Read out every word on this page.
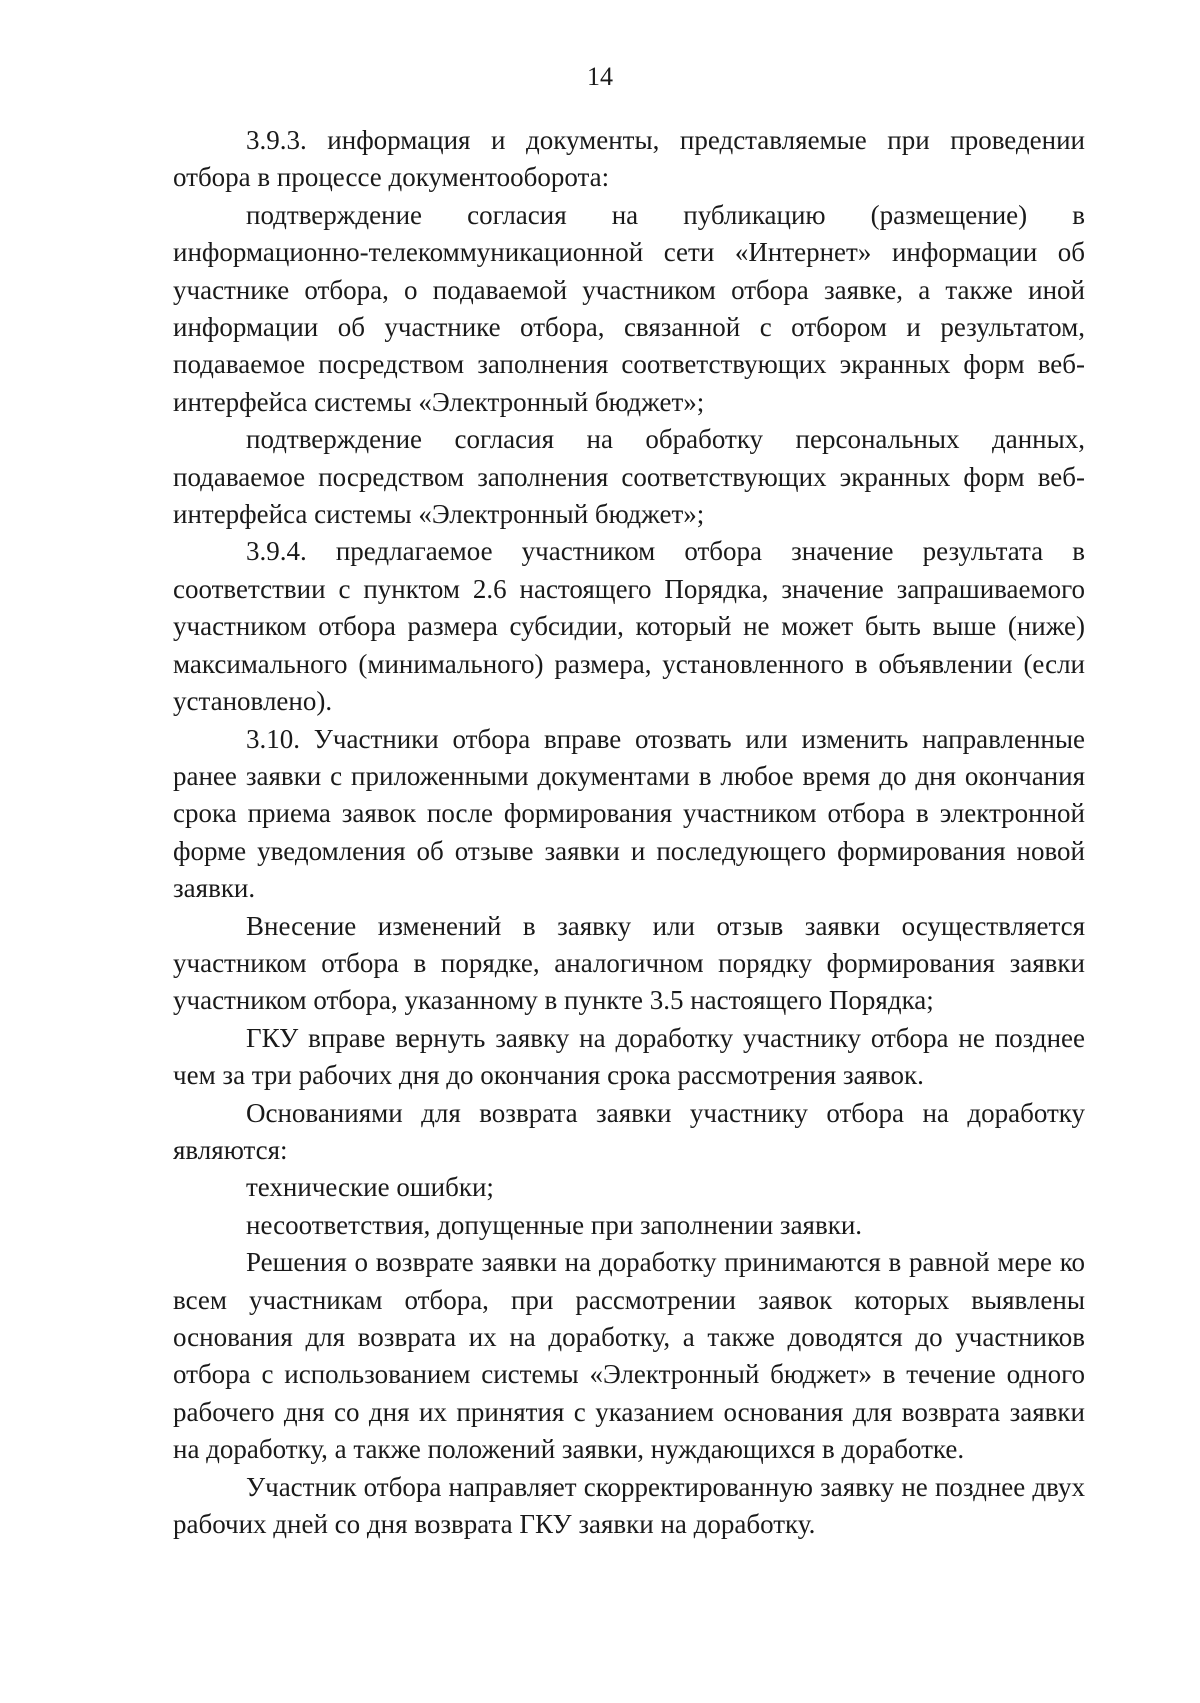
14

3.9.3. информация и документы, представляемые при проведении отбора в процессе документооборота:

подтверждение согласия на публикацию (размещение) в информационно-телекоммуникационной сети «Интернет» информации об участнике отбора, о подаваемой участником отбора заявке, а также иной информации об участнике отбора, связанной с отбором и результатом, подаваемое посредством заполнения соответствующих экранных форм веб-интерфейса системы «Электронный бюджет»;

подтверждение согласия на обработку персональных данных, подаваемое посредством заполнения соответствующих экранных форм веб-интерфейса системы «Электронный бюджет»;

3.9.4. предлагаемое участником отбора значение результата в соответствии с пунктом 2.6 настоящего Порядка, значение запрашиваемого участником отбора размера субсидии, который не может быть выше (ниже) максимального (минимального) размера, установленного в объявлении (если установлено).

3.10. Участники отбора вправе отозвать или изменить направленные ранее заявки с приложенными документами в любое время до дня окончания срока приема заявок после формирования участником отбора в электронной форме уведомления об отзыве заявки и последующего формирования новой заявки.

Внесение изменений в заявку или отзыв заявки осуществляется участником отбора в порядке, аналогичном порядку формирования заявки участником отбора, указанному в пункте 3.5 настоящего Порядка;

ГКУ вправе вернуть заявку на доработку участнику отбора не позднее чем за три рабочих дня до окончания срока рассмотрения заявок.

Основаниями для возврата заявки участнику отбора на доработку являются:

технические ошибки;

несоответствия, допущенные при заполнении заявки.

Решения о возврате заявки на доработку принимаются в равной мере ко всем участникам отбора, при рассмотрении заявок которых выявлены основания для возврата их на доработку, а также доводятся до участников отбора с использованием системы «Электронный бюджет» в течение одного рабочего дня со дня их принятия с указанием основания для возврата заявки на доработку, а также положений заявки, нуждающихся в доработке.

Участник отбора направляет скорректированную заявку не позднее двух рабочих дней со дня возврата ГКУ заявки на доработку.
